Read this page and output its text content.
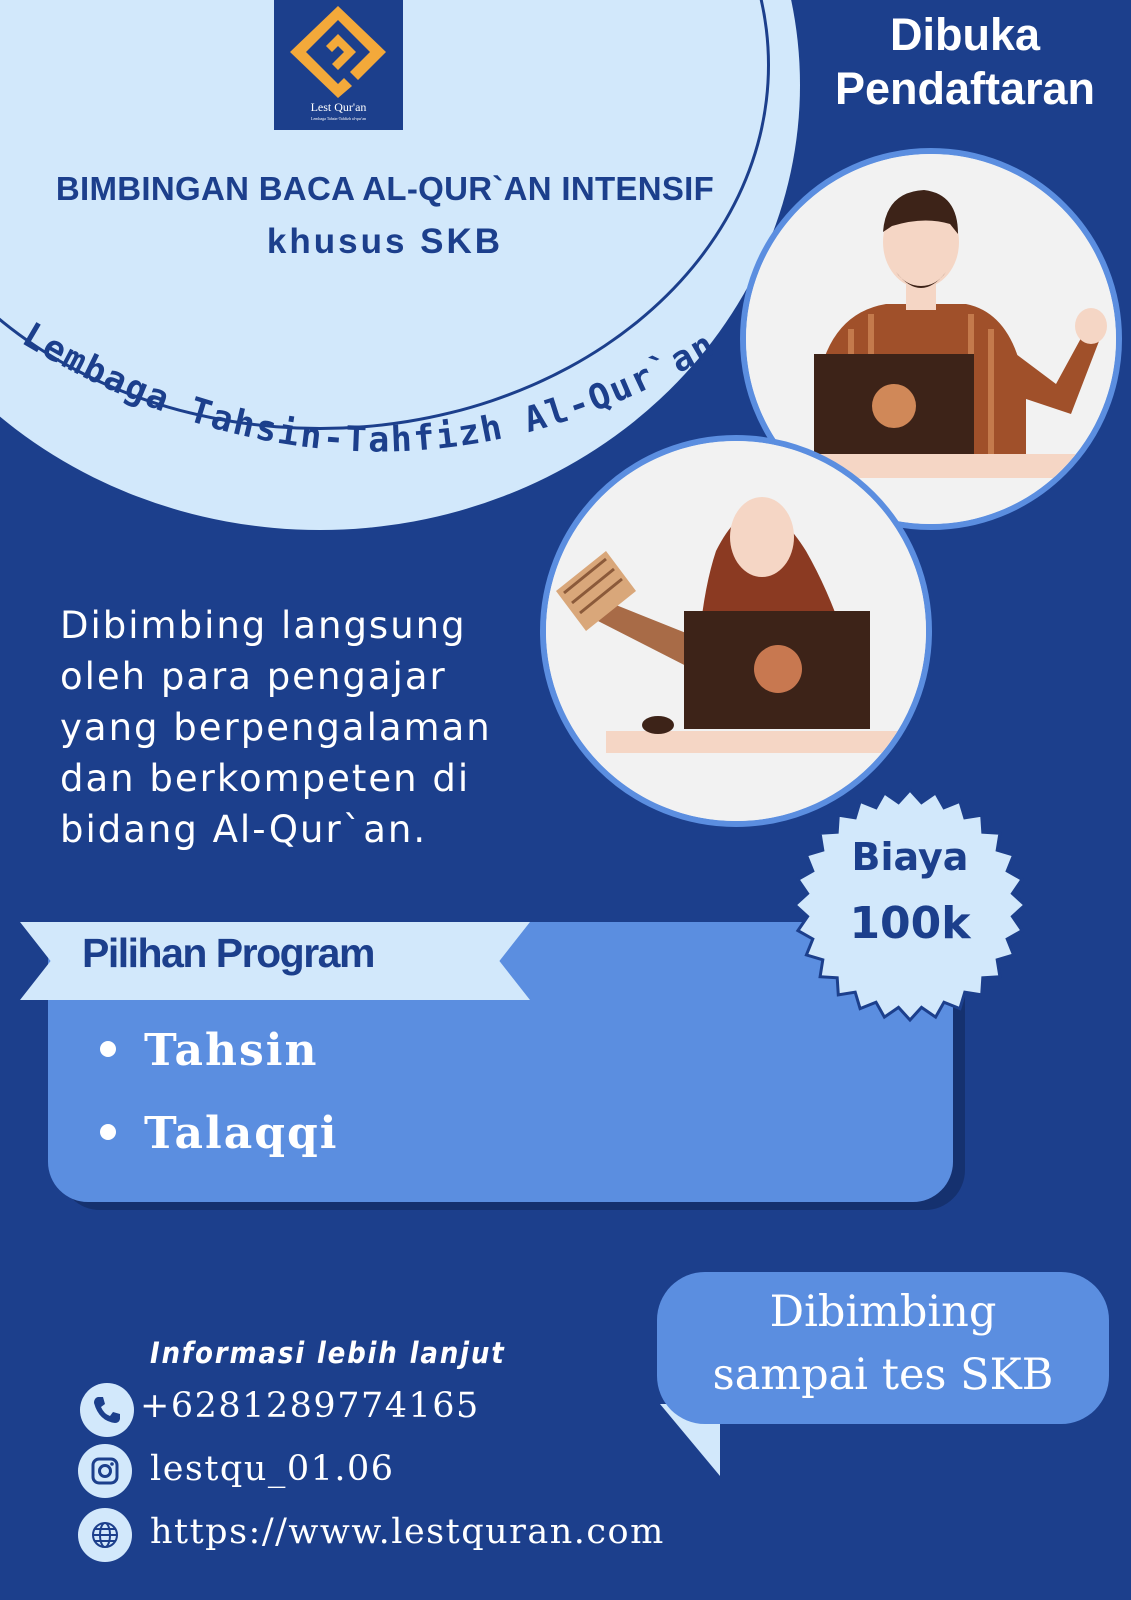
Lest Qur'an
Lembaga Tahsin-Tahfizh al-qur'an
BIMBINGAN BACA AL-QUR`AN INTENSIF
khusus SKB
Lembaga Tahsin-Tahfizh Al-Qur`an
Dibuka
Pendaftaran
Dibimbing langsung
oleh para pengajar
yang berpengalaman
dan berkompeten di
bidang Al-Qur`an.
Pilihan Program
Tahsin
Talaqqi
Biaya
100k
Dibimbing
sampai tes SKB
Informasi lebih lanjut
+6281289774165
lestqu_01.06
https://www.lestquran.com
